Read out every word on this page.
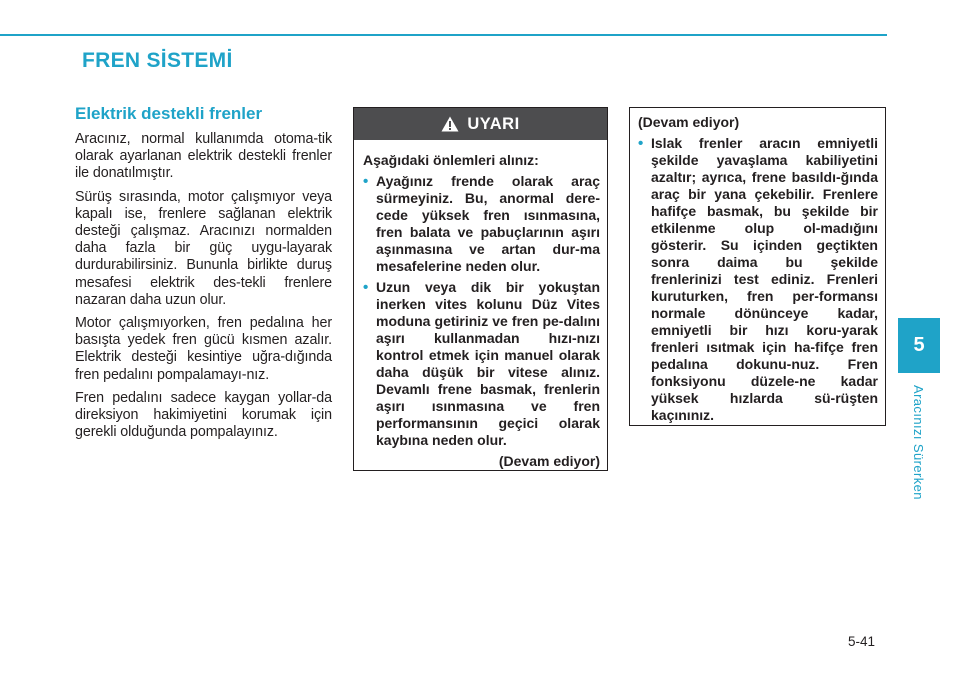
FREN SİSTEMİ
Elektrik destekli frenler

Aracınız, normal kullanımda otoma-tik olarak ayarlanan elektrik destekli frenler ile donatılmıştır.

Sürüş sırasında, motor çalışmıyor veya kapalı ise, frenlere sağlanan elektrik desteği çalışmaz. Aracınızı normalden daha fazla bir güç uygu-layarak durdurabilirsiniz. Bununla birlikte duruş mesafesi elektrik des-tekli frenlere nazaran daha uzun olur.

Motor çalışmıyorken, fren pedalına her basışta yedek fren gücü kısmen azalır. Elektrik desteği kesintiye uğra-dığında fren pedalını pompalamayı-nız.

Fren pedalını sadece kaygan yollar-da direksiyon hakimiyetini korumak için gerekli olduğunda pompalayınız.

UYARI

Aşağıdaki önlemleri alınız:

• Ayağınız frende olarak araç sürmeyiniz. Bu, anormal dere-cede yüksek fren ısınmasına, fren balata ve pabuçlarının aşırı aşınmasına ve artan dur-ma mesafelerine neden olur.
• Uzun veya dik bir yokuştan inerken vites kolunu Düz Vites moduna getiriniz ve fren pe-dalını aşırı kullanmadan hızı-nızı kontrol etmek için manuel olarak daha düşük bir vitese alınız. Devamlı frene basmak, frenlerin aşırı ısınmasına ve fren performansının geçici olarak kaybına neden olur.

(Devam ediyor)

(Devam ediyor)

• Islak frenler aracın emniyetli şekilde yavaşlama kabiliyetini azaltır; ayrıca, frene basıldı-ğında araç bir yana çekebilir. Frenlere hafifçe basmak, bu şekilde bir etkilenme olup ol-madığını gösterir. Su içinden geçtikten sonra daima bu şekilde frenlerinizi test ediniz. Frenleri kuruturken, fren per-formansı normale dönünceye kadar, emniyetli bir hızı koru-yarak frenleri ısıtmak için ha-fifçe fren pedalına dokunu-nuz. Fren fonksiyonu düzele-ne kadar yüksek hızlarda sü-rüşten kaçınınız.
5
Aracınızı Sürerken
5-41
